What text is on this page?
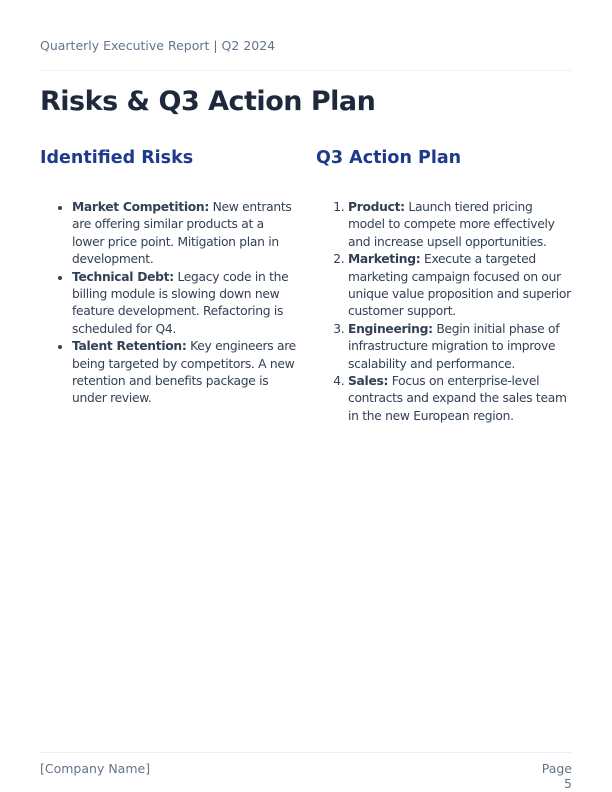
Quarterly Executive Report | Q2 2024
Risks & Q3 Action Plan
Identified Risks
• Market Competition: New entrants are offering similar products at a lower price point. Mitigation plan in development.
• Technical Debt: Legacy code in the billing module is slowing down new feature development. Refactoring is scheduled for Q4.
• Talent Retention: Key engineers are being targeted by competitors. A new retention and benefits package is under review.
Q3 Action Plan
1. Product: Launch tiered pricing model to compete more effectively and increase upsell opportunities.
2. Marketing: Execute a targeted marketing campaign focused on our unique value proposition and superior customer support.
3. Engineering: Begin initial phase of infrastructure migration to improve scalability and performance.
4. Sales: Focus on enterprise-level contracts and expand the sales team in the new European region.
[Company Name]	Page
5
